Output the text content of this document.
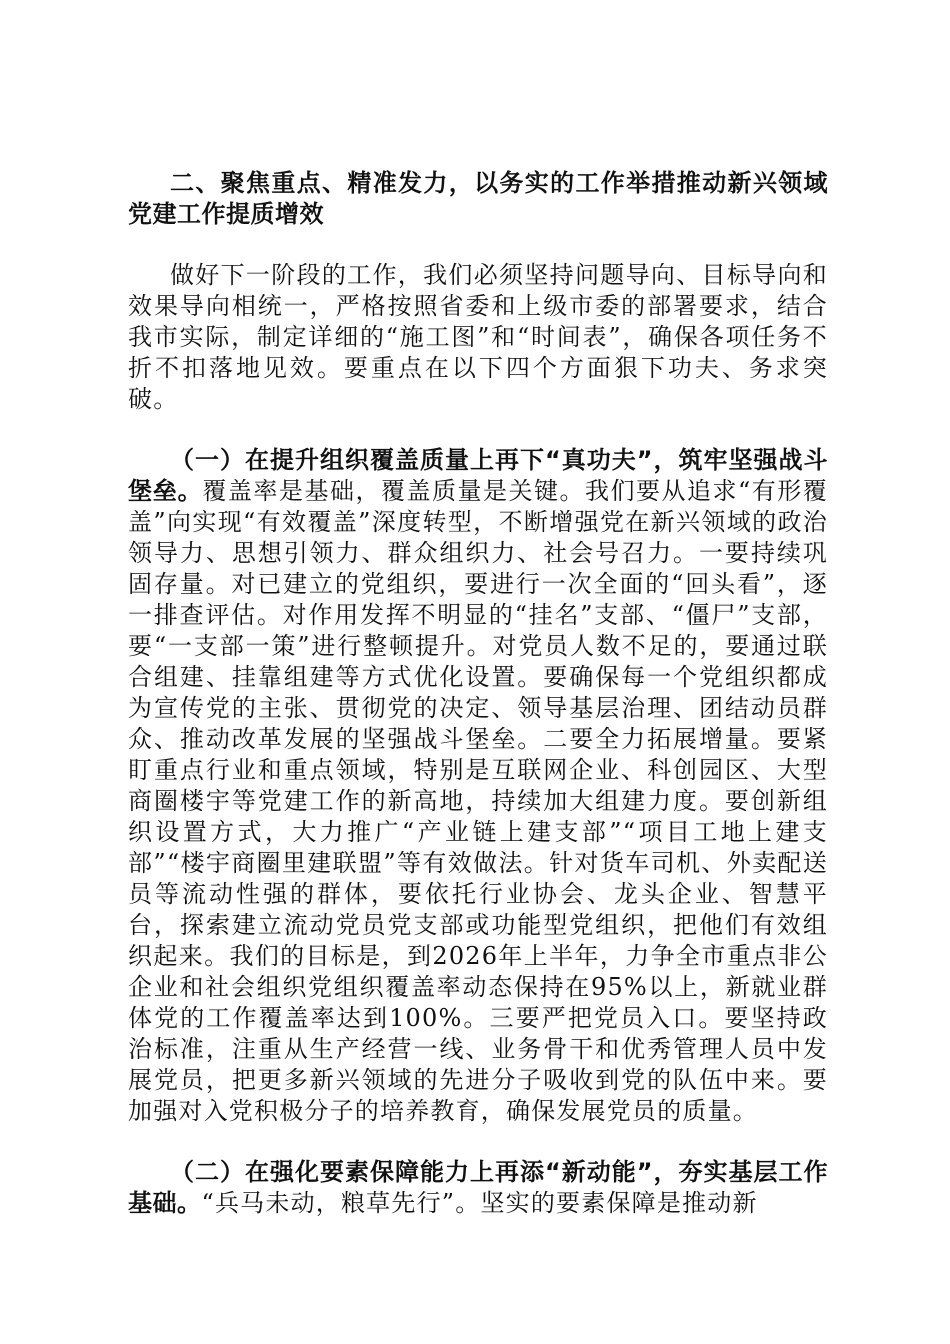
二、聚焦重点、精准发力，以务实的工作举措推动新兴领域党建工作提质增效

做好下一阶段的工作，我们必须坚持问题导向、目标导向和效果导向相统一，严格按照省委和上级市委的部署要求，结合我市实际，制定详细的“施工图”和“时间表”，确保各项任务不折不扣落地见效。要重点在以下四个方面狠下功夫、务求突破。

（一）在提升组织覆盖质量上再下“真功夫”，筑牢坚强战斗堡垒。覆盖率是基础，覆盖质量是关键。我们要从追求“有形覆盖”向实现“有效覆盖”深度转型，不断增强党在新兴领域的政治领导力、思想引领力、群众组织力、社会号召力。一要持续巩固存量。对已建立的党组织，要进行一次全面的“回头看”，逐一排查评估。对作用发挥不明显的“挂名”支部、“僵尸”支部，要“一支部一策”进行整顿提升。对党员人数不足的，要通过联合组建、挂靠组建等方式优化设置。要确保每一个党组织都成为宣传党的主张、贯彻党的决定、领导基层治理、团结动员群众、推动改革发展的坚强战斗堡垒。二要全力拓展增量。要紧盯重点行业和重点领域，特别是互联网企业、科创园区、大型商圈楼宇等党建工作的新高地，持续加大组建力度。要创新组织设置方式，大力推广“产业链上建支部”“项目工地上建支部”“楼宇商圈里建联盟”等有效做法。针对货车司机、外卖配送员等流动性强的群体，要依托行业协会、龙头企业、智慧平台，探索建立流动党员党支部或功能型党组织，把他们有效组织起来。我们的目标是，到2026年上半年，力争全市重点非公企业和社会组织党组织覆盖率动态保持在95%以上，新就业群体党的工作覆盖率达到100%。三要严把党员入口。要坚持政治标准，注重从生产经营一线、业务骨干和优秀管理人员中发展党员，把更多新兴领域的先进分子吸收到党的队伍中来。要加强对入党积极分子的培养教育，确保发展党员的质量。

（二）在强化要素保障能力上再添“新动能”，夯实基层工作基础。“兵马未动，粮草先行”。坚实的要素保障是推动新
